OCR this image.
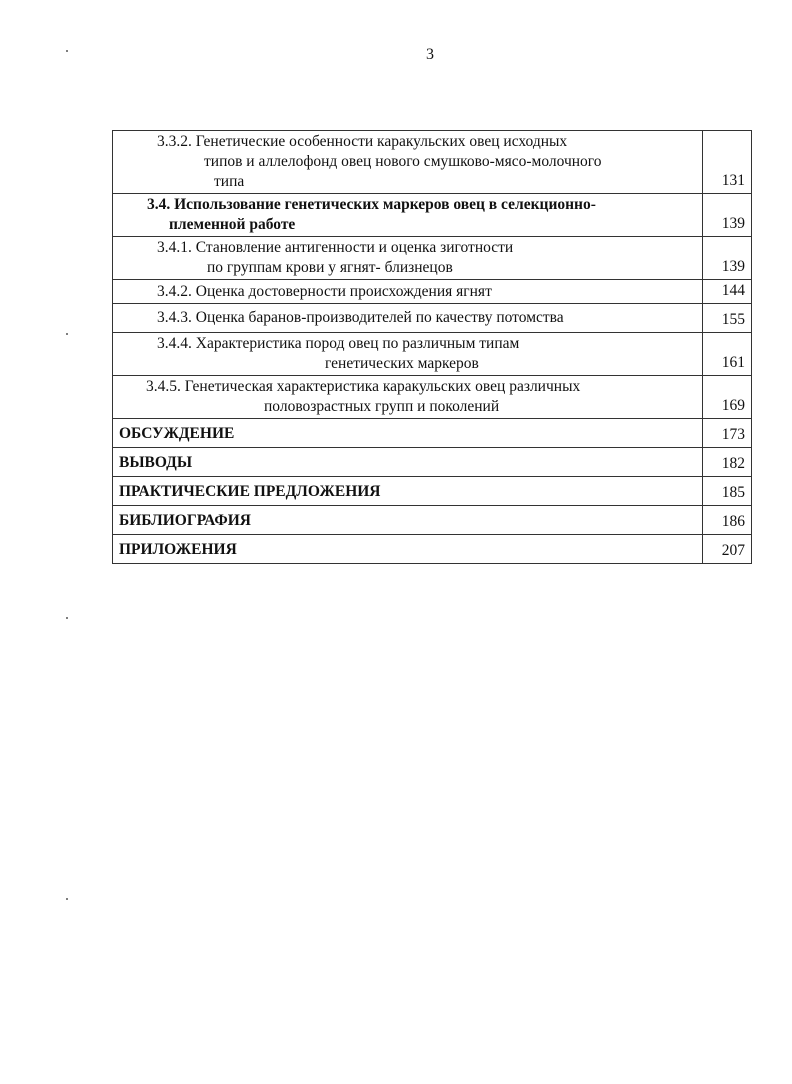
3
3.3.2. Генетические особенности каракульских овец исходных
типов и аллелофонд овец нового смушково-мясо-молочного
типа	131

3.4. Использование генетических маркеров овец в селекционно-
племенной работе	139

3.4.1. Становление антигенности и оценка зиготности
по группам крови у ягнят- близнецов	139

3.4.2. Оценка достоверности происхождения ягнят	144

3.4.3. Оценка баранов-производителей по качеству потомства	155

3.4.4. Характеристика пород овец по различным типам
генетических маркеров	161

3.4.5. Генетическая характеристика каракульских овец различных
половозрастных групп и поколений	169

ОБСУЖДЕНИЕ	173

ВЫВОДЫ	182

ПРАКТИЧЕСКИЕ ПРЕДЛОЖЕНИЯ	185

БИБЛИОГРАФИЯ	186

ПРИЛОЖЕНИЯ	207
